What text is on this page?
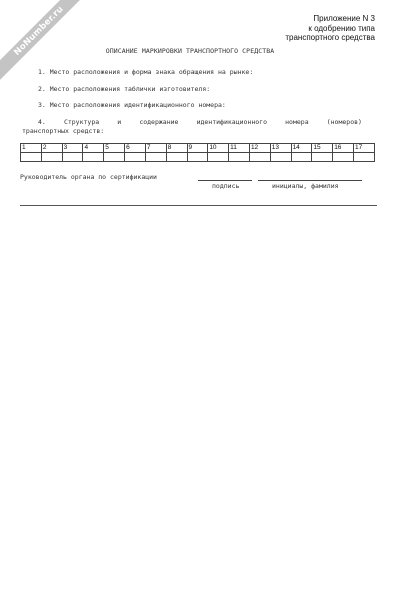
NoNumber.ru	Приложение N 3
к одобрению типа
транспортного средства
ОПИСАНИЕ МАРКИРОВКИ ТРАНСПОРТНОГО СРЕДСТВА
1. Место расположения и форма знака обращения на рынке:
2. Место расположения таблички изготовителя:
3. Место расположения идентификационного номера:
4.	Структура	и	содержание	идентификационного	номера	(номеров)
транспортных средств:
1	2	3	4	5	6	7	8	9	10	11	12	13	14	15	16	17

Руководитель органа по сертификации
подпись	инициалы, фамилия
